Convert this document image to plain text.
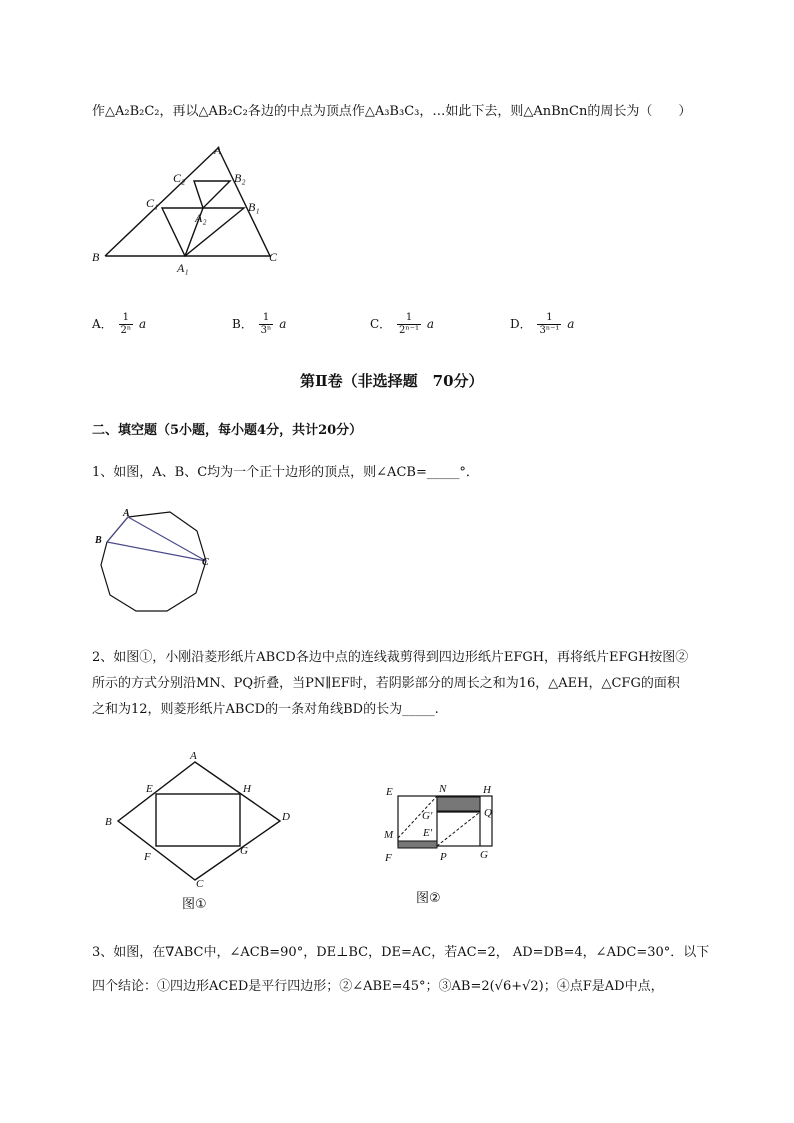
作△A₂B₂C₂，再以△AB₂C₂各边的中点为顶点作△A₃B₃C₃，…如此下去，则△AnBnCn的周长为（　　）
A
C₂	B₂
C₁	B₁
A₂
B
A₁
C
A． $\frac{1}{\text{2ⁿ}}$ a	B． $\frac{1}{\text{3ⁿ}}$ a	C． $\frac{1}{\text{2ⁿ⁻¹}}$ a	D． $\frac{1}{\text{3ⁿ⁻¹}}$ a
第Ⅱ卷（非选择题　70分）
二、填空题（5小题，每小题4分，共计20分）
1、如图，A、B、C均为一个正十边形的顶点，则∠ACB=_____°．
A
B
C
2、如图①，小刚沿菱形纸片ABCD各边中点的连线裁剪得到四边形纸片EFGH，再将纸片EFGH按图②
所示的方式分别沿MN、PQ折叠，当PN∥EF时，若阴影部分的周长之和为16，△AEH，△CFG的面积
之和为12，则菱形纸片ABCD的一条对角线BD的长为_____.
A
E	H
B	D
F	G
C
图①
E	N	H
Q
G'
M	E'
F	P	G
图②
3、如图，在∇ABC中，∠ACB=90°，DE⊥BC，DE=AC，若AC=2， AD=DB=4，∠ADC=30°．以下
四个结论：①四边形ACED是平行四边形；②∠ABE=45°；③AB=2(√6+√2)；④点F是AD中点，
